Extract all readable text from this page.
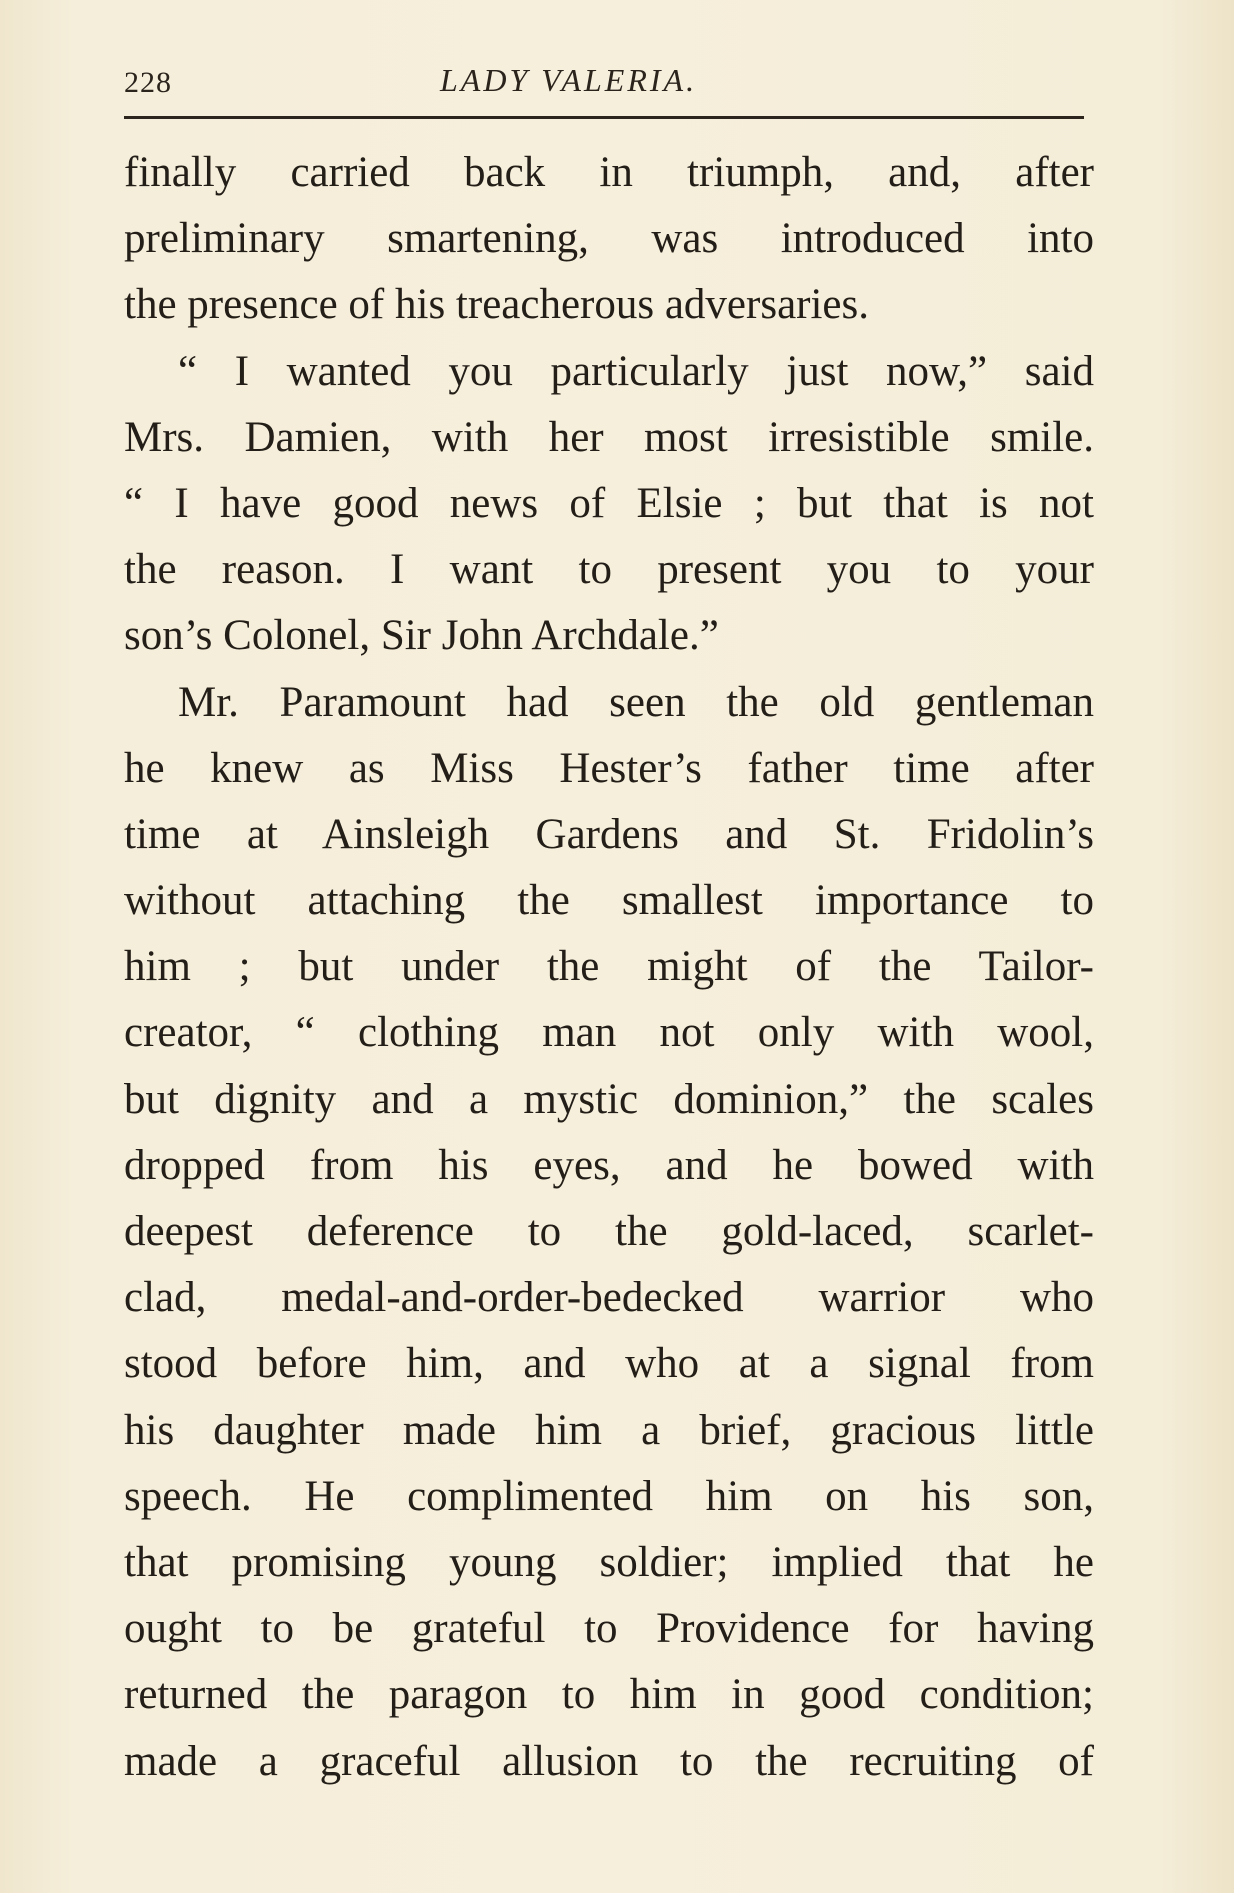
228	LADY VALERIA.
finally carried back in triumph, and, after
preliminary smartening, was introduced into
the presence of his treacherous adversaries.
“ I wanted you particularly just now,” said
Mrs. Damien, with her most irresistible smile.
“ I have good news of Elsie ; but that is not
the reason. I want to present you to your
son’s Colonel, Sir John Archdale.”
Mr. Paramount had seen the old gentleman
he knew as Miss Hester’s father time after
time at Ainsleigh Gardens and St. Fridolin’s
without attaching the smallest importance to
him ; but under the might of the Tailor-
creator, “ clothing man not only with wool,
but dignity and a mystic dominion,” the scales
dropped from his eyes, and he bowed with
deepest deference to the gold-laced, scarlet-
clad, medal-and-order-bedecked warrior who
stood before him, and who at a signal from
his daughter made him a brief, gracious little
speech. He complimented him on his son,
that promising young soldier; implied that he
ought to be grateful to Providence for having
returned the paragon to him in good condition;
made a graceful allusion to the recruiting of
